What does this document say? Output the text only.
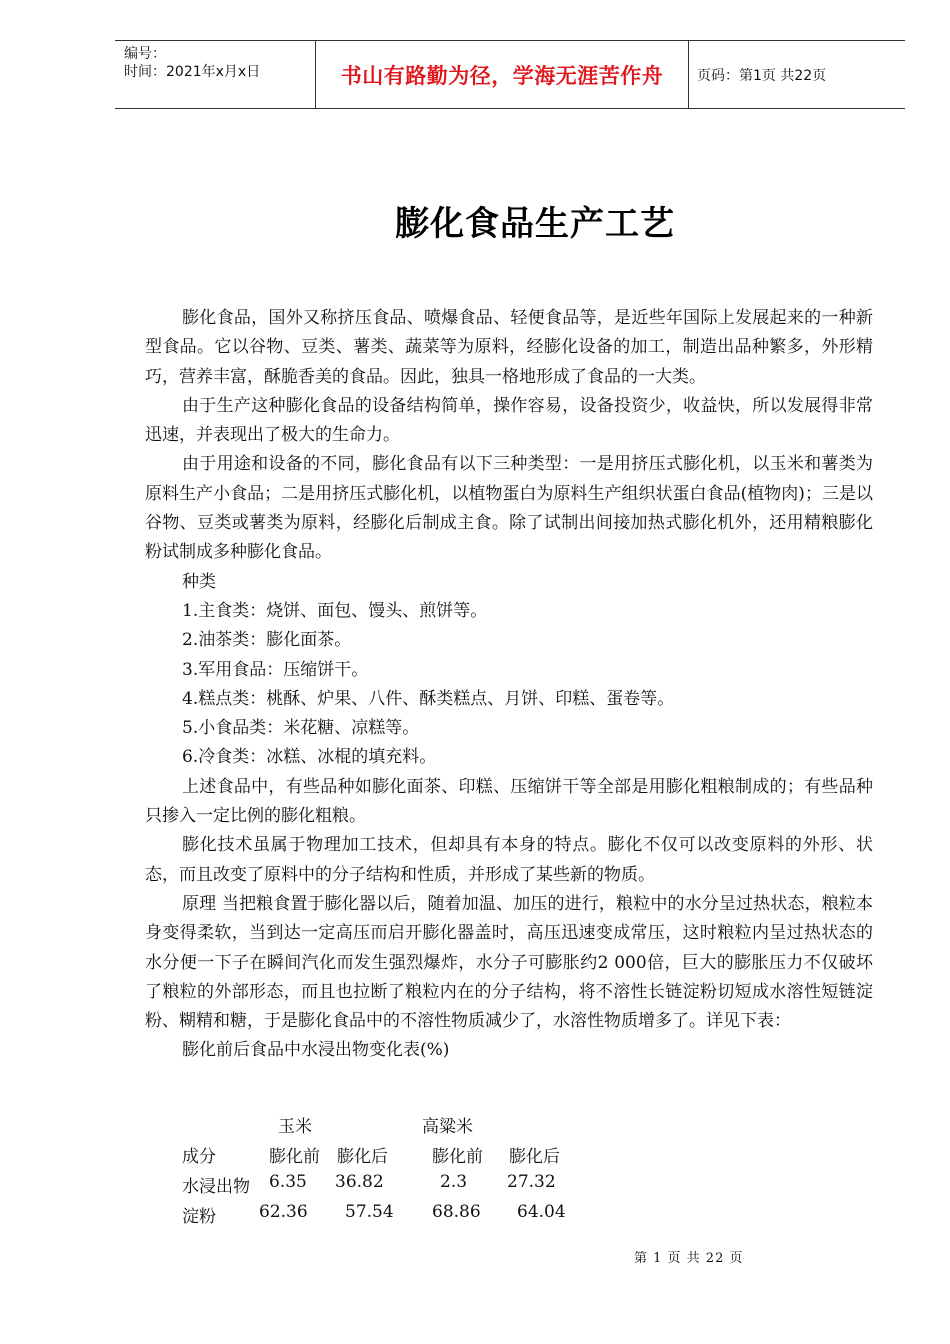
编号：
时间：2021年x月x日	书山有路勤为径，学海无涯苦作舟	页码：第1页 共22页
膨化食品生产工艺

膨化食品，国外又称挤压食品、喷爆食品、轻便食品等，是近些年国际上发展起来的一种新型食品。它以谷物、豆类、薯类、蔬菜等为原料，经膨化设备的加工，制造出品种繁多，外形精巧，营养丰富，酥脆香美的食品。因此，独具一格地形成了食品的一大类。

由于生产这种膨化食品的设备结构简单，操作容易，设备投资少，收益快，所以发展得非常迅速，并表现出了极大的生命力。

由于用途和设备的不同，膨化食品有以下三种类型：一是用挤压式膨化机，以玉米和薯类为原料生产小食品；二是用挤压式膨化机，以植物蛋白为原料生产组织状蛋白食品(植物肉)；三是以谷物、豆类或薯类为原料，经膨化后制成主食。除了试制出间接加热式膨化机外，还用精粮膨化粉试制成多种膨化食品。

种类

1.主食类：烧饼、面包、馒头、煎饼等。

2.油茶类：膨化面茶。

3.军用食品：压缩饼干。

4.糕点类：桃酥、炉果、八件、酥类糕点、月饼、印糕、蛋卷等。

5.小食品类：米花糖、凉糕等。

6.冷食类：冰糕、冰棍的填充料。

上述食品中，有些品种如膨化面茶、印糕、压缩饼干等全部是用膨化粗粮制成的；有些品种只掺入一定比例的膨化粗粮。

膨化技术虽属于物理加工技术，但却具有本身的特点。膨化不仅可以改变原料的外形、状态，而且改变了原料中的分子结构和性质，并形成了某些新的物质。

原理 当把粮食置于膨化器以后，随着加温、加压的进行，粮粒中的水分呈过热状态，粮粒本身变得柔软，当到达一定高压而启开膨化器盖时，高压迅速变成常压，这时粮粒内呈过热状态的水分便一下子在瞬间汽化而发生强烈爆炸，水分子可膨胀约2 000倍，巨大的膨胀压力不仅破坏了粮粒的外部形态，而且也拉断了粮粒内在的分子结构，将不溶性长链淀粉切短成水溶性短链淀粉、糊精和糖，于是膨化食品中的不溶性物质减少了，水溶性物质增多了。详见下表：

膨化前后食品中水浸出物变化表(%)

玉米	高粱米
成分	膨化前 膨化后	膨化前 膨化后
水浸出物 6.35 36.82	2.3 27.32
淀粉	62.36 57.54 68.86 64.04
第 1 页 共 22 页
